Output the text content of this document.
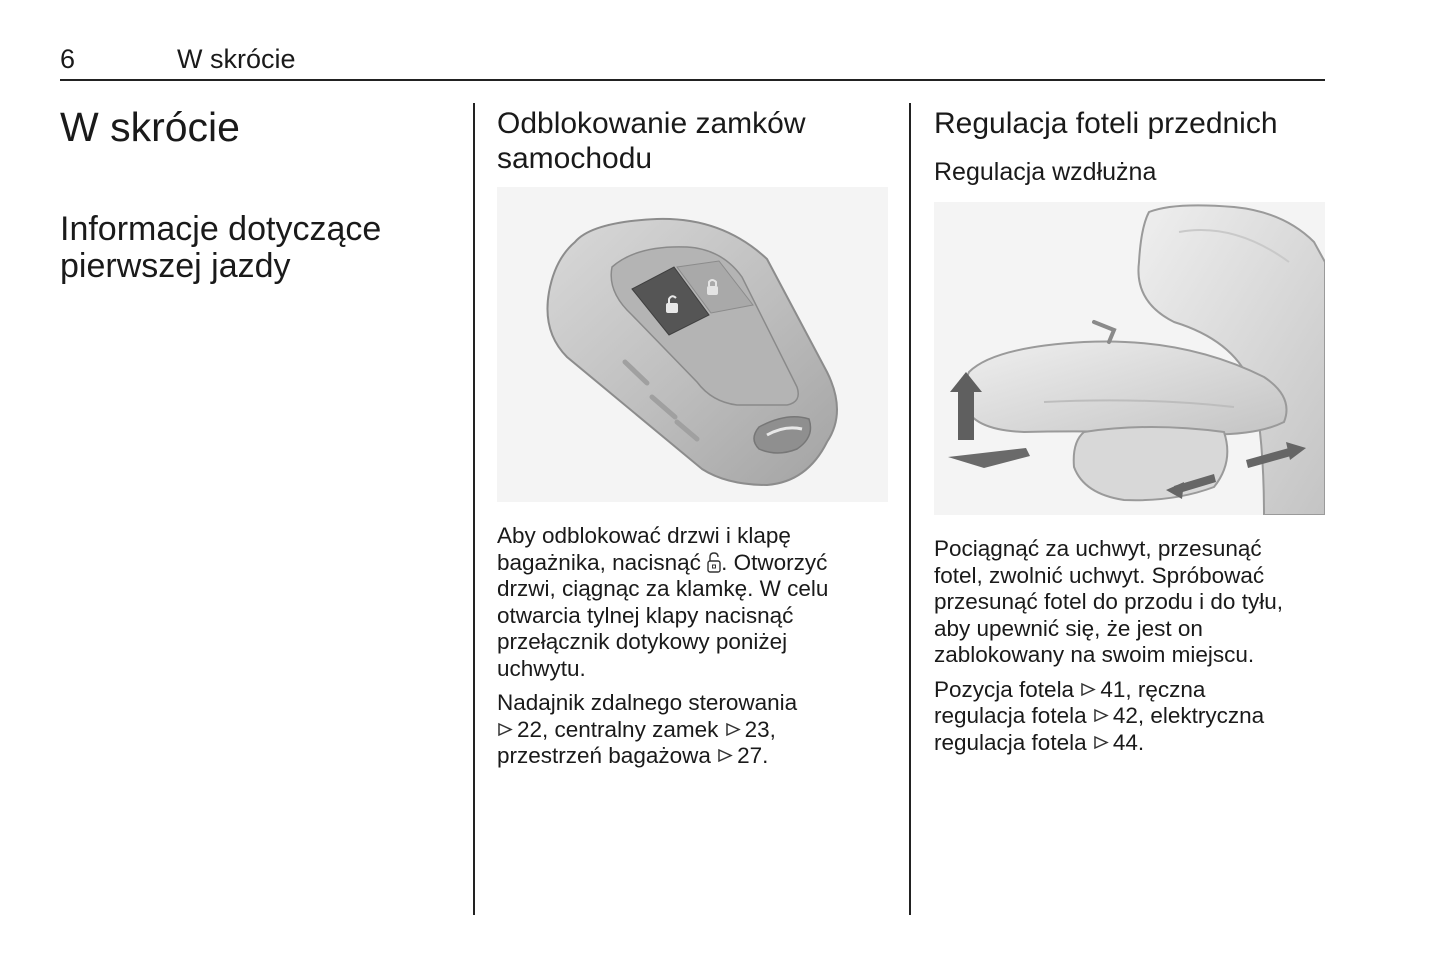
6	W skrócie
W skrócie
Informacje dotyczące
pierwszej jazdy
Odblokowanie zamków
samochodu

Aby odblokować drzwi i klapę
bagażnika, nacisnąć . Otworzyć
drzwi, ciągnąc za klamkę. W celu
otwarcia tylnej klapy nacisnąć
przełącznik dotykowy poniżej
uchwytu.

Nadajnik zdalnego sterowania
22, centralny zamek 23,
przestrzeń bagażowa 27.

Regulacja foteli przednich
Regulacja wzdłużna

Pociągnąć za uchwyt, przesunąć
fotel, zwolnić uchwyt. Spróbować
przesunąć fotel do przodu i do tyłu,
aby upewnić się, że jest on
zablokowany na swoim miejscu.

Pozycja fotela 41, ręczna
regulacja fotela 42, elektryczna
regulacja fotela 44.
